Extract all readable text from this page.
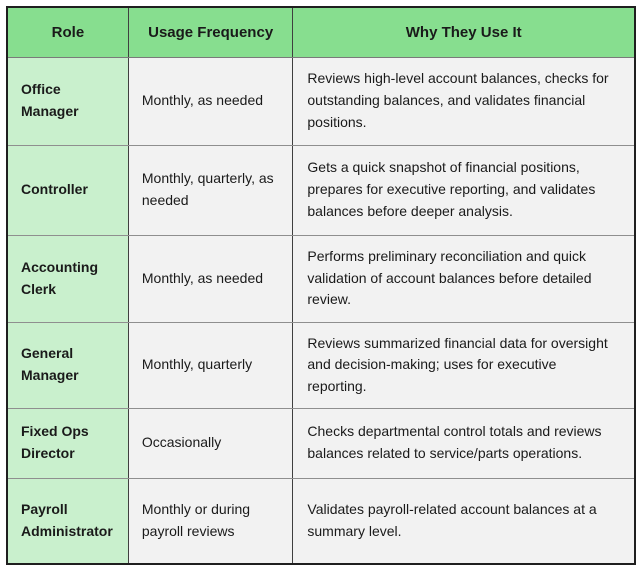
Role	Usage Frequency	Why They Use It
Office Manager	Monthly, as needed	Reviews high-level account balances, checks for outstanding balances, and validates financial positions.
Controller	Monthly, quarterly, as needed	Gets a quick snapshot of financial positions, prepares for executive reporting, and validates balances before deeper analysis.
Accounting Clerk	Monthly, as needed	Performs preliminary reconciliation and quick validation of account balances before detailed review.
General Manager	Monthly, quarterly	Reviews summarized financial data for oversight and decision-making; uses for executive reporting.
Fixed Ops Director	Occasionally	Checks departmental control totals and reviews balances related to service/parts operations.
Payroll Administrator	Monthly or during payroll reviews	Validates payroll-related account balances at a summary level.
